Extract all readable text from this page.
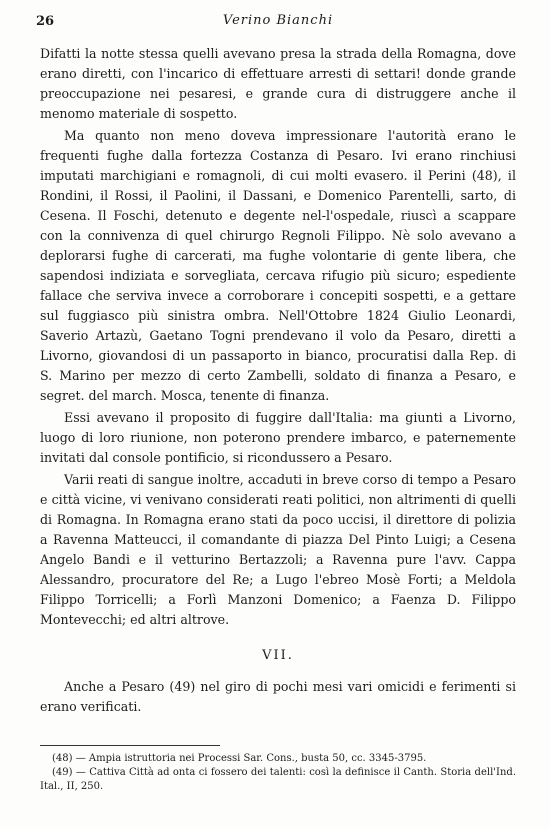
26	Verino Bianchi

Difatti la notte stessa quelli avevano presa la strada della Romagna, dove erano diretti, con l'incarico di effettuare arresti di settari! donde grande preoccupazione nei pesaresi, e grande cura di distruggere anche il menomo materiale di sospetto.

Ma quanto non meno doveva impressionare l'autorità erano le frequenti fughe dalla fortezza Costanza di Pesaro. Ivi erano rinchiusi imputati marchigiani e romagnoli, di cui molti evasero. il Perini (48), il Rondini, il Rossi, il Paolini, il Dassani, e Domenico Parentelli, sarto, di Cesena. Il Foschi, detenuto e degente nel-l'ospedale, riuscì a scappare con la connivenza di quel chirurgo Regnoli Filippo. Nè solo avevano a deplorarsi fughe di carcerati, ma fughe volontarie di gente libera, che sapendosi indiziata e sorvegliata, cercava rifugio più sicuro; espediente fallace che serviva invece a corroborare i concepiti sospetti, e a gettare sul fuggiasco più sinistra ombra. Nell'Ottobre 1824 Giulio Leonardi, Saverio Artazù, Gaetano Togni prendevano il volo da Pesaro, diretti a Livorno, giovandosi di un passaporto in bianco, procuratisi dalla Rep. di S. Marino per mezzo di certo Zambelli, soldato di finanza a Pesaro, e segret. del march. Mosca, tenente di finanza.

Essi avevano il proposito di fuggire dall'Italia: ma giunti a Livorno, luogo di loro riunione, non poterono prendere imbarco, e paternemente invitati dal console pontificio, si ricondussero a Pesaro.

Varii reati di sangue inoltre, accaduti in breve corso di tempo a Pesaro e città vicine, vi venivano considerati reati politici, non altrimenti di quelli di Romagna. In Romagna erano stati da poco uccisi, il direttore di polizia a Ravenna Matteucci, il comandante di piazza Del Pinto Luigi; a Cesena Angelo Bandi e il vetturino Bertazzoli; a Ravenna pure l'avv. Cappa Alessandro, procuratore del Re; a Lugo l'ebreo Mosè Forti; a Meldola Filippo Torricelli; a Forlì Manzoni Domenico; a Faenza D. Filippo Montevecchi; ed altri altrove.

VII.

Anche a Pesaro (49) nel giro di pochi mesi vari omicidi e ferimenti si erano verificati.

(48) — Ampia istruttoria nei Processi Sar. Cons., busta 50, cc. 3345-3795.

(49) — Cattiva Città ad onta ci fossero dei talenti: così la definisce il Canth. Storia dell'Ind. Ital., II, 250.
